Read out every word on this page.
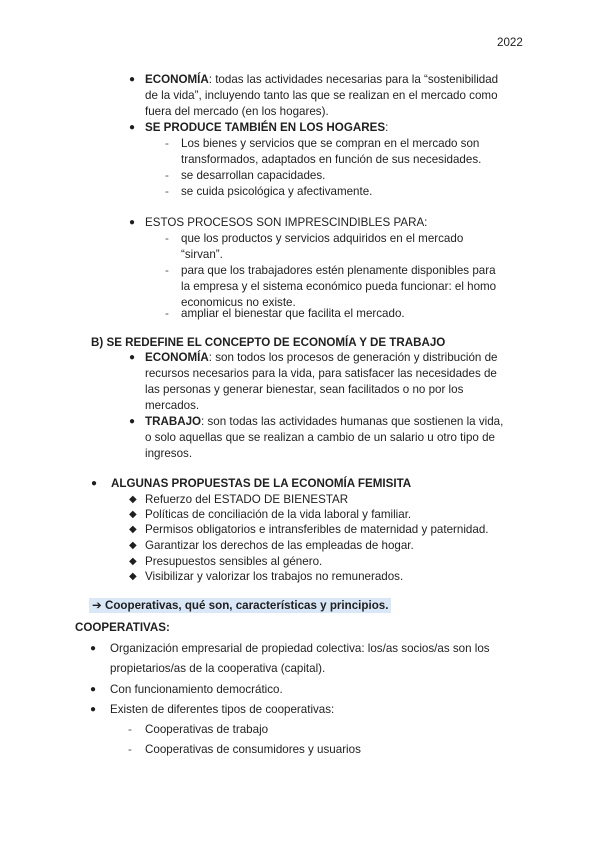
2022
● ECONOMÍA: todas las actividades necesarias para la “sostenibilidad
de la vida”, incluyendo tanto las que se realizan en el mercado como
fuera del mercado (en los hogares).
● SE PRODUCE TAMBIÉN EN LOS HOGARES:
- Los bienes y servicios que se compran en el mercado son
transformados, adaptados en función de sus necesidades.
- se desarrollan capacidades.
- se cuida psicológica y afectivamente.
● ESTOS PROCESOS SON IMPRESCINDIBLES PARA:
- que los productos y servicios adquiridos en el mercado
“sirvan”.
- para que los trabajadores estén plenamente disponibles para
la empresa y el sistema económico pueda funcionar: el homo
economicus no existe.
- ampliar el bienestar que facilita el mercado.
B) SE REDEFINE EL CONCEPTO DE ECONOMÍA Y DE TRABAJO
● ECONOMÍA: son todos los procesos de generación y distribución de
recursos necesarios para la vida, para satisfacer las necesidades de
las personas y generar bienestar, sean facilitados o no por los
mercados.
● TRABAJO: son todas las actividades humanas que sostienen la vida,
o solo aquellas que se realizan a cambio de un salario u otro tipo de
ingresos.
● ALGUNAS PROPUESTAS DE LA ECONOMÍA FEMISITA
◆ Refuerzo del ESTADO DE BIENESTAR
◆ Políticas de conciliación de la vida laboral y familiar.
◆ Permisos obligatorios e intransferibles de maternidad y paternidad.
◆ Garantizar los derechos de las empleadas de hogar.
◆ Presupuestos sensibles al género.
◆ Visibilizar y valorizar los trabajos no remunerados.
➔ Cooperativas, qué son, características y principios.
COOPERATIVAS:
● Organización empresarial de propiedad colectiva: los/as socios/as son los
propietarios/as de la cooperativa (capital).
● Con funcionamiento democrático.
● Existen de diferentes tipos de cooperativas:
- Cooperativas de trabajo
- Cooperativas de consumidores y usuarios
